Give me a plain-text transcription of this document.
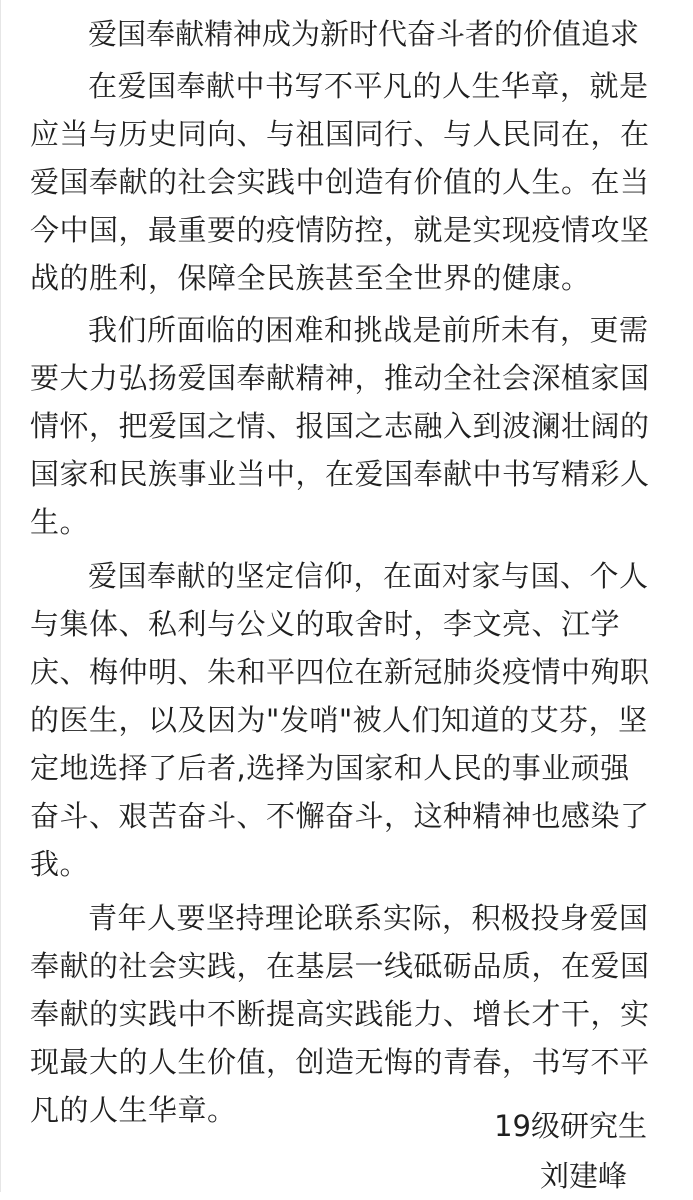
爱国奉献精神成为新时代奋斗者的价值追求

在爱国奉献中书写不平凡的人生华章，就是应当与历史同向、与祖国同行、与人民同在，在爱国奉献的社会实践中创造有价值的人生。在当今中国，最重要的疫情防控，就是实现疫情攻坚战的胜利，保障全民族甚至全世界的健康。

我们所面临的困难和挑战是前所未有，更需要大力弘扬爱国奉献精神，推动全社会深植家国情怀，把爱国之情、报国之志融入到波澜壮阔的国家和民族事业当中，在爱国奉献中书写精彩人生。

爱国奉献的坚定信仰，在面对家与国、个人与集体、私利与公义的取舍时，李文亮、江学庆、梅仲明、朱和平四位在新冠肺炎疫情中殉职的医生，以及因为"发哨"被人们知道的艾芬，坚定地选择了后者,选择为国家和人民的事业顽强奋斗、艰苦奋斗、不懈奋斗，这种精神也感染了我。

青年人要坚持理论联系实际，积极投身爱国奉献的社会实践，在基层一线砥砺品质，在爱国奉献的实践中不断提高实践能力、增长才干，实现最大的人生价值，创造无悔的青春，书写不平凡的人生华章。	19级研究生
刘建峰
